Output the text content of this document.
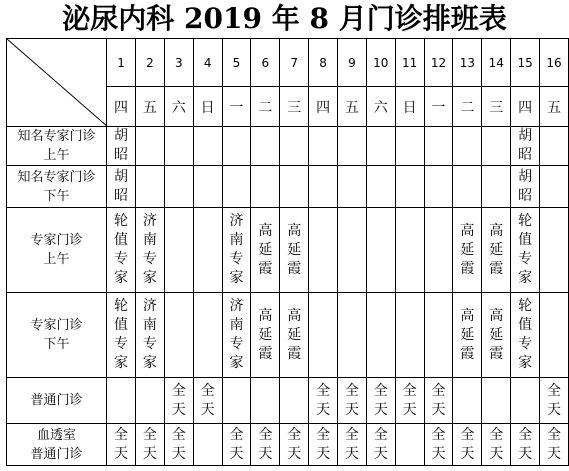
泌尿内科 2019 年 8 月门诊排班表
	1	2	3	4	5	6	7	8	9	10	11	12	13	14	15	16
	四	五	六	日	一	二	三	四	五	六	日	一	二	三	四	五

知名专家门诊
上午	胡昭														胡昭	

知名专家门诊
下午	胡昭														胡昭	

专家门诊
上午	轮值专家	济南专家			济南专家	高延霞	高延霞						高延霞	高延霞	轮值专家	

专家门诊
下午	轮值专家	济南专家			济南专家	高延霞	高延霞						高延霞	高延霞	轮值专家	

普通门诊			全天	全天				全天	全天	全天	全天	全天				全天

血透室
普通门诊	全天	全天	全天		全天	全天	全天	全天	全天	全天		全天	全天	全天	全天	全天
